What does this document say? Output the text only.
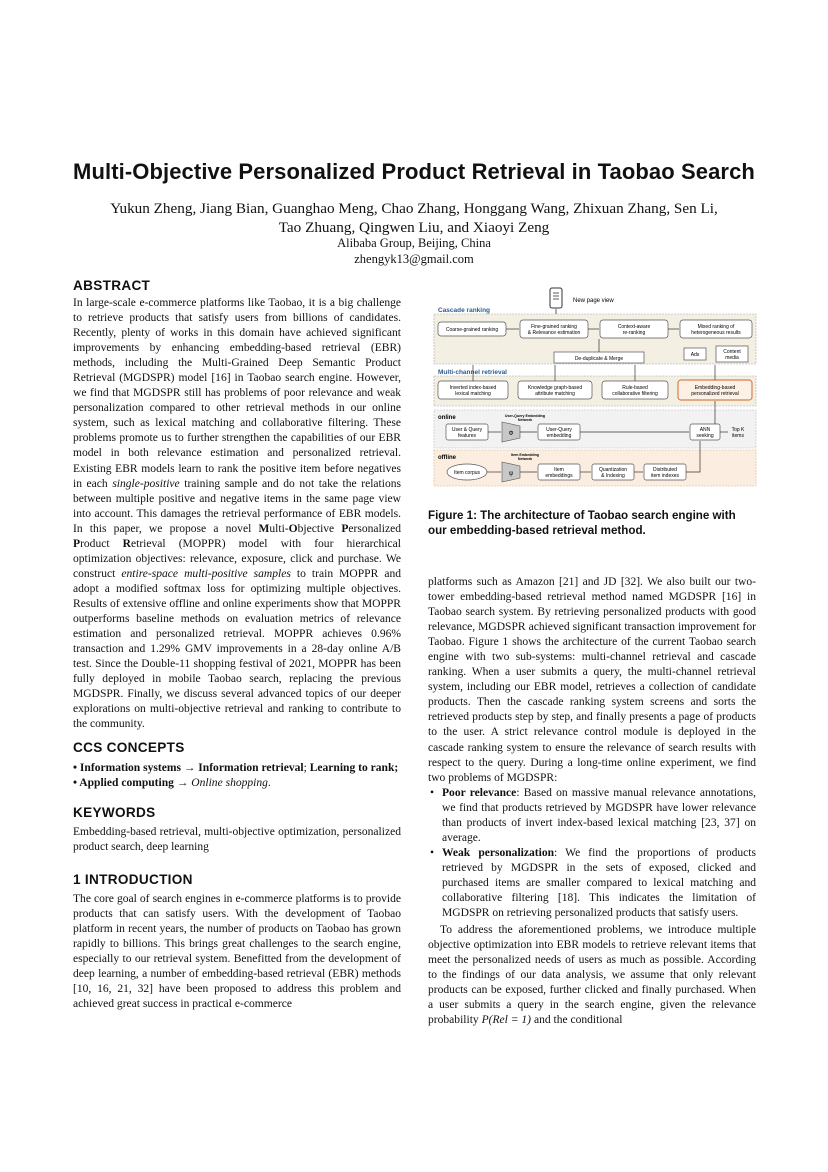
Multi-Objective Personalized Product Retrieval in Taobao Search
Yukun Zheng, Jiang Bian, Guanghao Meng, Chao Zhang, Honggang Wang, Zhixuan Zhang, Sen Li,
Tao Zhuang, Qingwen Liu, and Xiaoyi Zeng
Alibaba Group, Beijing, China
zhengyk13@gmail.com
ABSTRACT

In large-scale e-commerce platforms like Taobao, it is a big challenge to retrieve products that satisfy users from billions of candidates. Recently, plenty of works in this domain have achieved significant improvements by enhancing embedding-based retrieval (EBR) methods, including the Multi-Grained Deep Semantic Product Retrieval (MGDSPR) model [16] in Taobao search engine. However, we find that MGDSPR still has problems of poor relevance and weak personalization compared to other retrieval methods in our online system, such as lexical matching and collaborative filtering. These problems promote us to further strengthen the capabilities of our EBR model in both relevance estimation and personalized retrieval. Existing EBR models learn to rank the positive item before negatives in each single-positive training sample and do not take the relations between multiple positive and negative items in the same page view into account. This damages the retrieval performance of EBR models. In this paper, we propose a novel Multi-Objective Personalized Product Retrieval (MOPPR) model with four hierarchical optimization objectives: relevance, exposure, click and purchase. We construct entire-space multi-positive samples to train MOPPR and adopt a modified softmax loss for optimizing multiple objectives. Results of extensive offline and online experiments show that MOPPR outperforms baseline methods on evaluation metrics of relevance estimation and personalized retrieval. MOPPR achieves 0.96% transaction and 1.29% GMV improvements in a 28-day online A/B test. Since the Double-11 shopping festival of 2021, MOPPR has been fully deployed in mobile Taobao search, replacing the previous MGDSPR. Finally, we discuss several advanced topics of our deeper explorations on multi-objective retrieval and ranking to contribute to the community.

CCS CONCEPTS

• Information systems → Information retrieval; Learning to rank; • Applied computing → Online shopping.

KEYWORDS

Embedding-based retrieval, multi-objective optimization, personalized product search, deep learning

1 INTRODUCTION

The core goal of search engines in e-commerce platforms is to provide products that can satisfy users. With the development of Taobao platform in recent years, the number of products on Taobao has grown rapidly to billions. This brings great challenges to the search engine, especially to our retrieval system. Benefitted from the development of deep learning, a number of embedding-based retrieval (EBR) methods [10, 16, 21, 32] have been proposed to address this problem and achieved great success in practical e-commerce

New page view
Cascade ranking
Coarse-grained ranking	Fine-grained ranking
& Relevance estimation
Context-aware
re-ranking
Mixed ranking of
heterogeneous results
Ads	Content
media
De-duplicate & Merge
Multi-channel retrieval
Inverted index-based
lexical matching
Knowledge graph-based
attribute matching
Rule-based
collaborative filtering
Embedding-based
personalized retrieval
online	User-Query Embedding
Network
User & Query
features	Φ
User-Query
embedding
ANN
seeking
Top K
items
offline	Item Embedding
Network
Item corpus	ψ
Item
embeddings
Quantization
& Indexing
Distributed
item indexes
Figure 1: The architecture of Taobao search engine with our embedding-based retrieval method.

platforms such as Amazon [21] and JD [32]. We also built our two-tower embedding-based retrieval method named MGDSPR [16] in Taobao search system. By retrieving personalized products with good relevance, MGDSPR achieved significant transaction improvement for Taobao. Figure 1 shows the architecture of the current Taobao search engine with two sub-systems: multi-channel retrieval and cascade ranking. When a user submits a query, the multi-channel retrieval system, including our EBR model, retrieves a collection of candidate products. Then the cascade ranking system screens and sorts the retrieved products step by step, and finally presents a page of products to the user. A strict relevance control module is deployed in the cascade ranking system to ensure the relevance of search results with respect to the query. During a long-time online experiment, we find two problems of MGDSPR:

• Poor relevance: Based on massive manual relevance annotations, we find that products retrieved by MGDSPR have lower relevance than products of invert index-based lexical matching [23, 37] on average.
• Weak personalization: We find the proportions of products retrieved by MGDSPR in the sets of exposed, clicked and purchased items are smaller compared to lexical matching and collaborative filtering [18]. This indicates the limitation of MGDSPR on retrieving personalized products that satisfy users.

To address the aforementioned problems, we introduce multiple objective optimization into EBR models to retrieve relevant items that meet the personalized needs of users as much as possible. According to the findings of our data analysis, we assume that only relevant products can be exposed, further clicked and finally purchased. When a user submits a query in the search engine, given the relevance probability P(Rel = 1) and the conditional
